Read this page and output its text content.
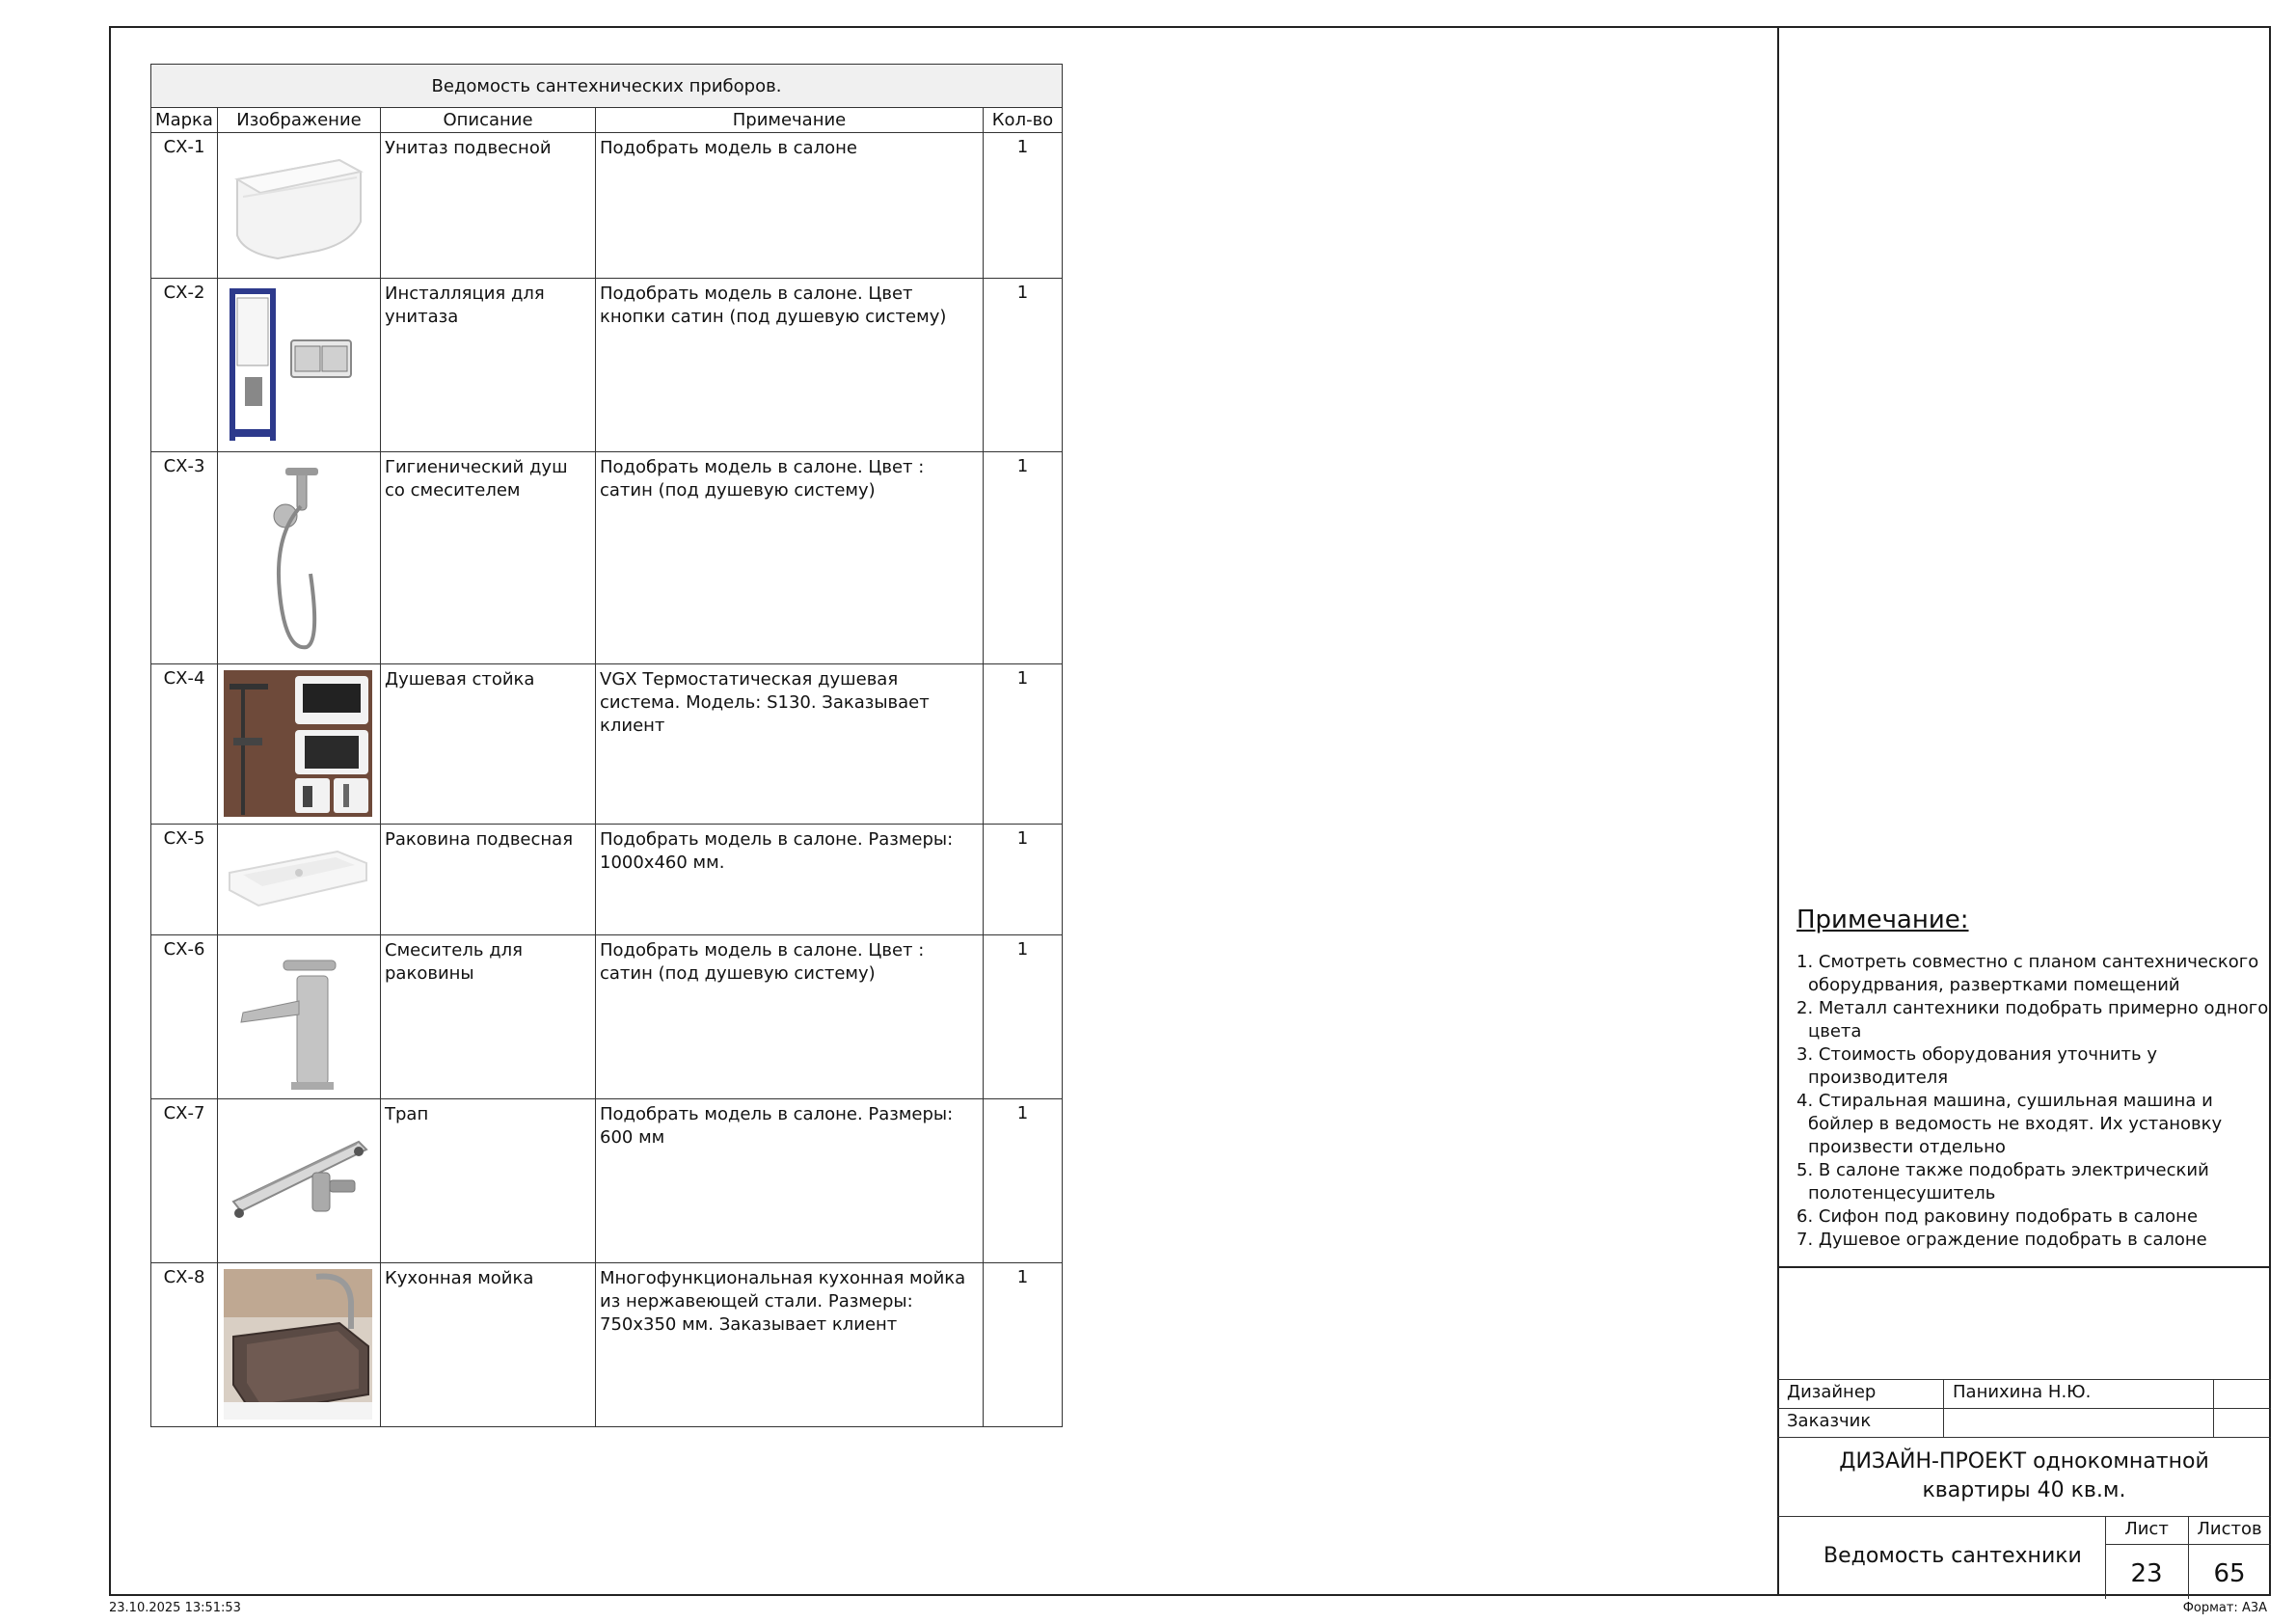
Ведомость сантехнических приборов.				
Марка	Изображение	Описание	Примечание	Кол-во
СХ-1		Унитаз подвесной	Подобрать модель в салоне	1
СХ-2		Инсталляция для унитаза	Подобрать модель в салоне. Цвет кнопки сатин (под душевую систему)	1
СХ-3		Гигиенический душ со смесителем	Подобрать модель в салоне. Цвет : сатин (под душевую систему)	1
СХ-4		Душевая стойка	VGX Термостатическая душевая система. Модель: S130. Заказывает клиент	1
СХ-5		Раковина подвесная	Подобрать модель в салоне. Размеры: 1000x460 мм.	1
СХ-6		Смеситель для раковины	Подобрать модель в салоне. Цвет : сатин (под душевую систему)	1
СХ-7		Трап	Подобрать модель в салоне. Размеры: 600 мм	1
СХ-8		Кухонная мойка	Многофункциональная кухонная мойка из нержавеющей стали. Размеры: 750x350 мм. Заказывает клиент	1
Примечание:
1. Смотреть совместно с планом сантехнического оборудрвания, развертками помещений
2. Металл сантехники подобрать примерно одного цвета
3. Стоимость оборудования уточнить у производителя
4. Стиральная машина, сушильная машина и бойлер в ведомость не входят. Их установку произвести отдельно
5. В салоне также подобрать электрический полотенцесушитель
6. Сифон под раковину подобрать в салоне
7. Душевое ограждение подобрать в салоне
Дизайнер	Панихина Н.Ю.
Заказчик
ДИЗАЙН-ПРОЕКТ однокомнатной квартиры 40 кв.м.
Ведомость сантехники
Лист	Листов
23	65
23.10.2025 13:51:53	Формат: А3А
